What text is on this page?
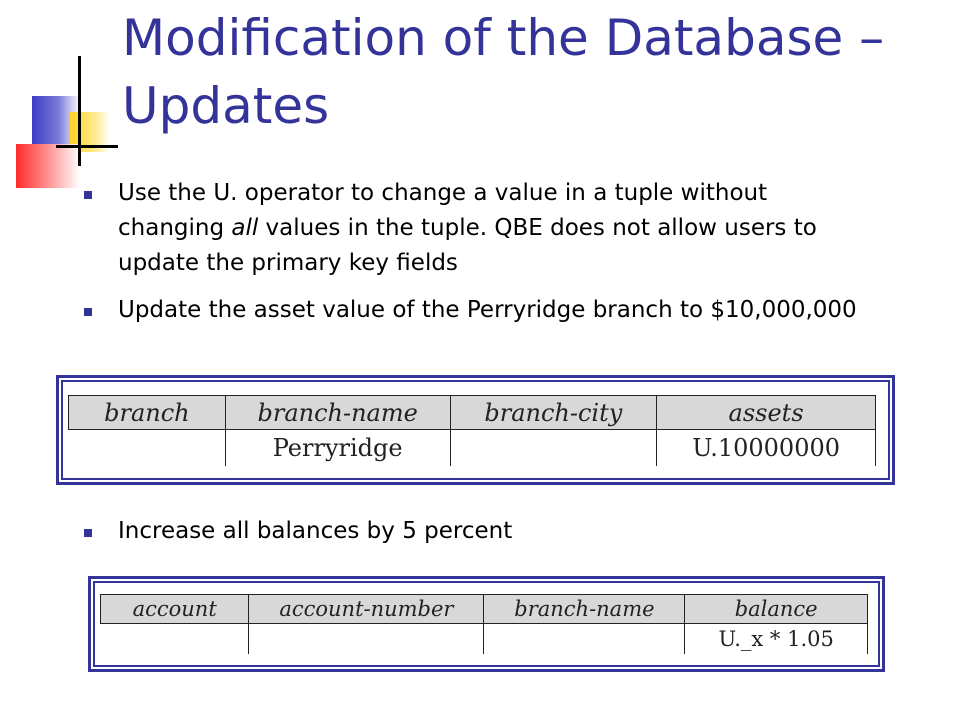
Modification of the Database – Updates
Use the U. operator to change a value in a tuple without changing all values in the tuple. QBE does not allow users to update the primary key fields
Update the asset value of the Perryridge branch to $10,000,000
branch	branch-name	branch-city	assets
	Perryridge		U.10000000
Increase all balances by 5 percent
account	account-number	branch-name	balance
			U._x * 1.05
